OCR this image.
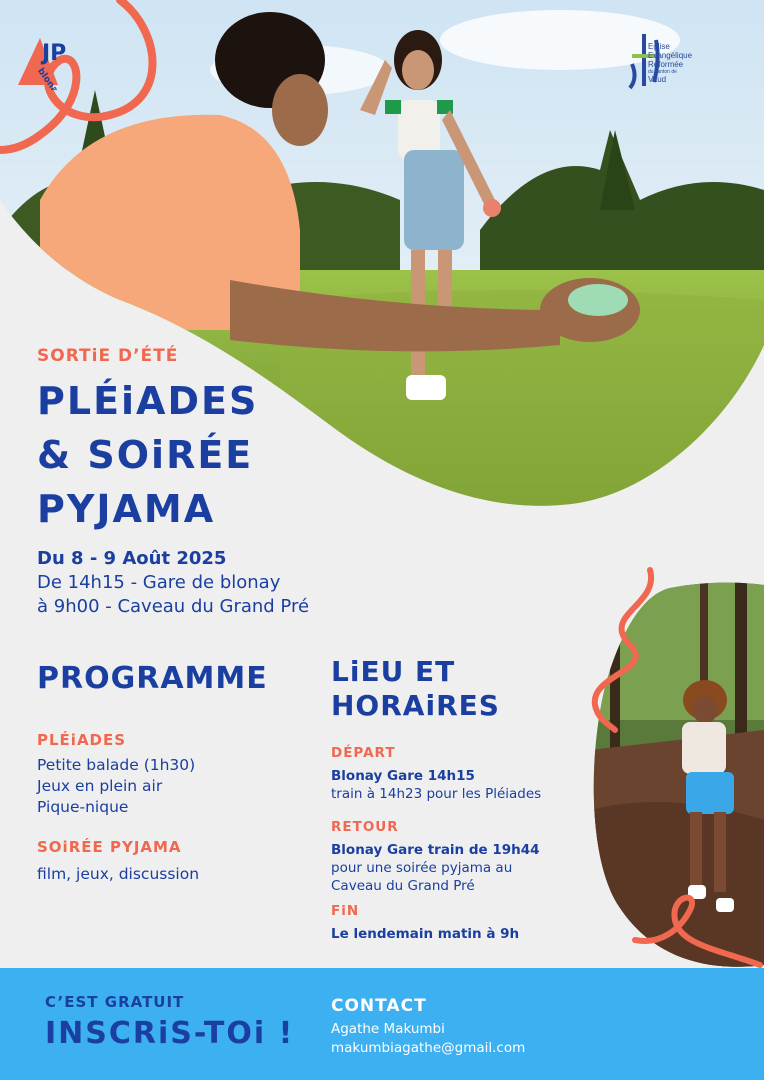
JP
blonay
Eglise
Evangélique
Réformée
du canton de
Vaud
SORTiE D’ÉTÉ
PLÉiADES
& SOiRÉE
PYJAMA
Du 8 - 9 Août 2025
De 14h15 - Gare de blonay
à 9h00 - Caveau du Grand Pré
PROGRAMME
PLÉiADES
Petite balade (1h30)
Jeux en plein air
Pique-nique
SOiRÉE PYJAMA
film, jeux, discussion
LiEU ET
HORAiRES
DÉPART
Blonay Gare 14h15
train à 14h23 pour les Pléiades
RETOUR
Blonay Gare train de 19h44
pour une soirée pyjama au
Caveau du Grand Pré
FiN
Le lendemain matin à 9h
C’EST GRATUIT
INSCRiS-TOi !
CONTACT
Agathe Makumbi
makumbiagathe@gmail.com
